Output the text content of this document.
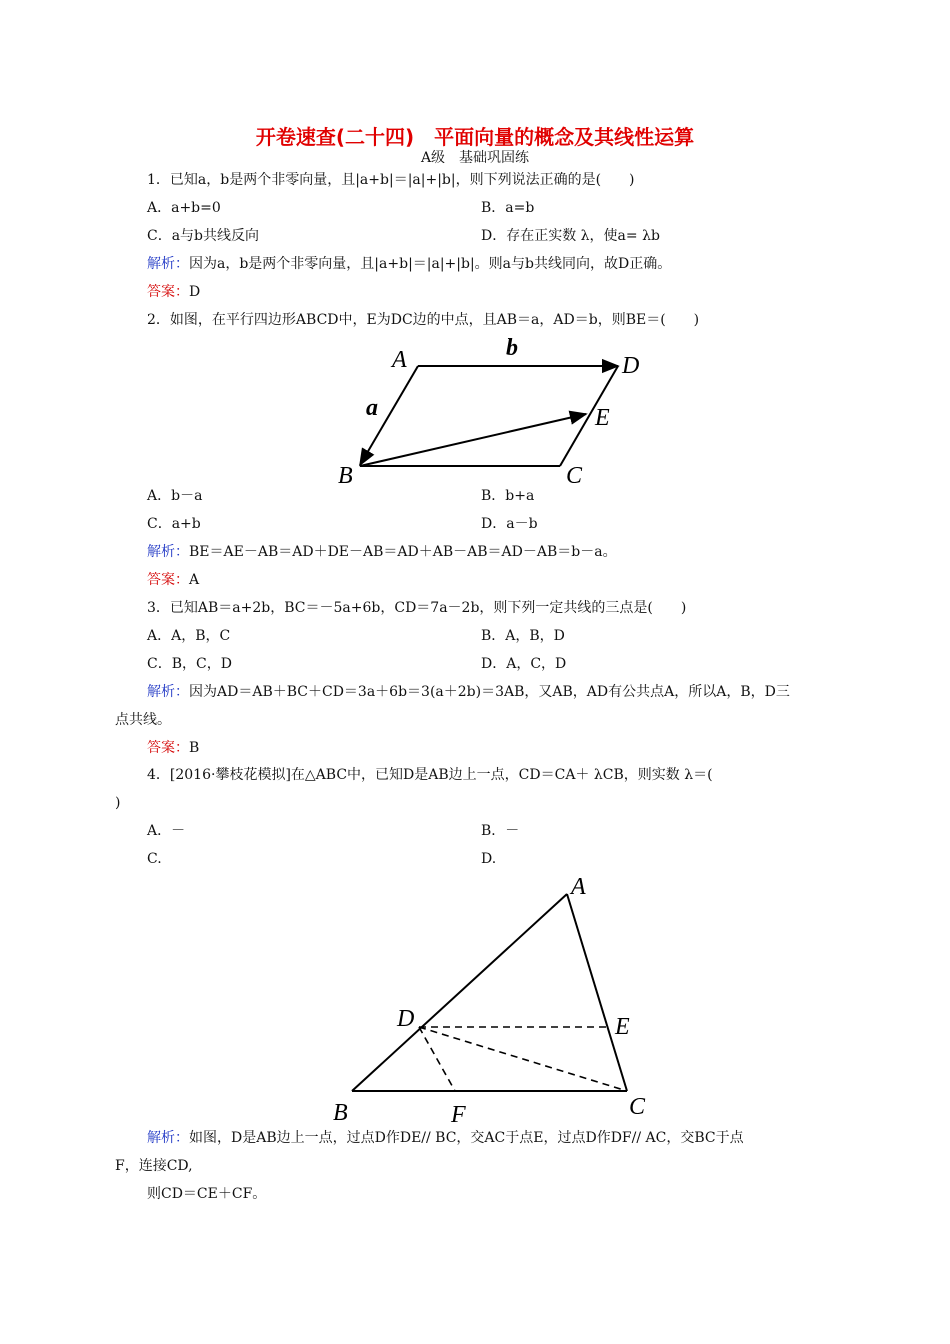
开卷速查(二十四)　平面向量的概念及其线性运算
A级　基础巩固练
1．已知a，b是两个非零向量，且|a+b|＝|a|+|b|，则下列说法正确的是(　　)
A．a+b=0	B．a=b
C．a与b共线反向	D．存在正实数 λ，使a= λb
解析：因为a，b是两个非零向量，且|a+b|＝|a|+|b|。则a与b共线同向，故D正确。
答案：D
2．如图，在平行四边形ABCD中，E为DC边的中点，且AB＝a，AD＝b，则BE＝(　　)
A	b
D
a	E
B	C
A．b－a	B．b+a
C．a+b	D．a－b
解析：BE＝AE－AB＝AD＋DE－AB＝AD＋AB－AB＝AD－AB＝b－a。
答案：A
3．已知AB＝a+2b，BC＝－5a+6b，CD＝7a－2b，则下列一定共线的三点是(　　)
A．A，B，C	B．A，B，D
C．B，C，D	D．A，C，D
解析：因为AD＝AB＋BC＋CD＝3a＋6b＝3(a＋2b)＝3AB，又AB，AD有公共点A，所以A，B，D三
点共线。
答案：B
4．[2016·攀枝花模拟]在△ABC中，已知D是AB边上一点，CD＝CA＋ λCB，则实数 λ＝(
)
A．－	B．－
C.	D.
A
D	E
B	F	C
解析：如图，D是AB边上一点，过点D作DE// BC，交AC于点E，过点D作DF// AC，交BC于点
F，连接CD,
则CD＝CE＋CF。
